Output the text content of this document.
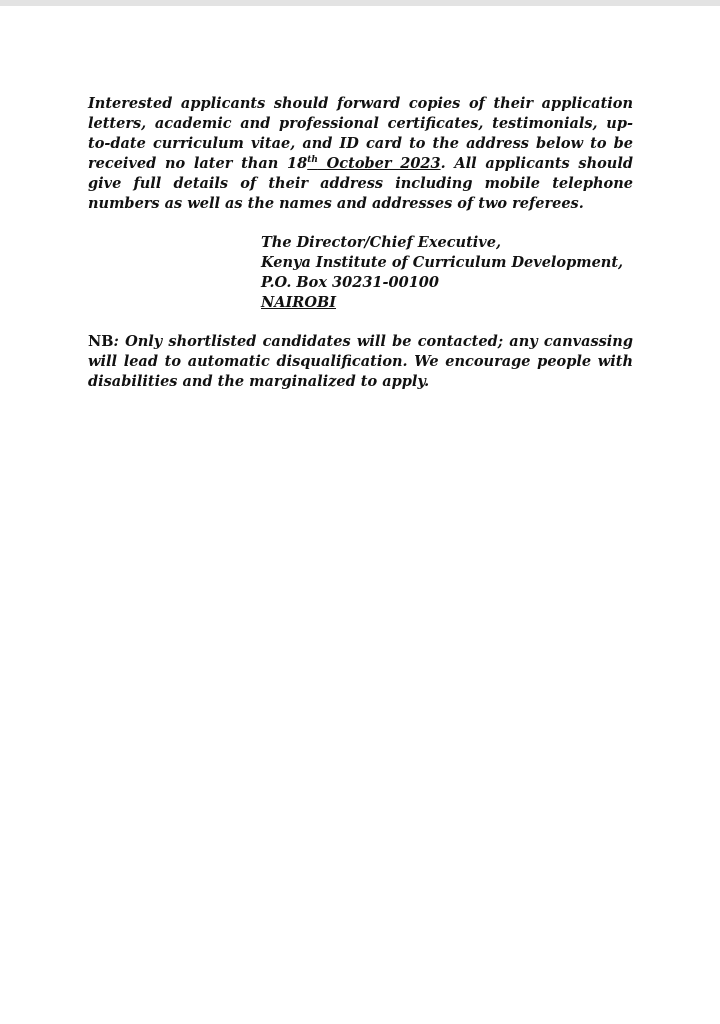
Interested applicants should forward copies of their application letters, academic and professional certificates, testimonials, up-to-date curriculum vitae, and ID card to the address below to be received no later than 18th October 2023. All applicants should give full details of their address including mobile telephone numbers as well as the names and addresses of two referees.
The Director/Chief Executive,
Kenya Institute of Curriculum Development,
P.O. Box 30231-00100
NAIROBI
NB: Only shortlisted candidates will be contacted; any canvassing will lead to automatic disqualification. We encourage people with disabilities and the marginalized to apply.
